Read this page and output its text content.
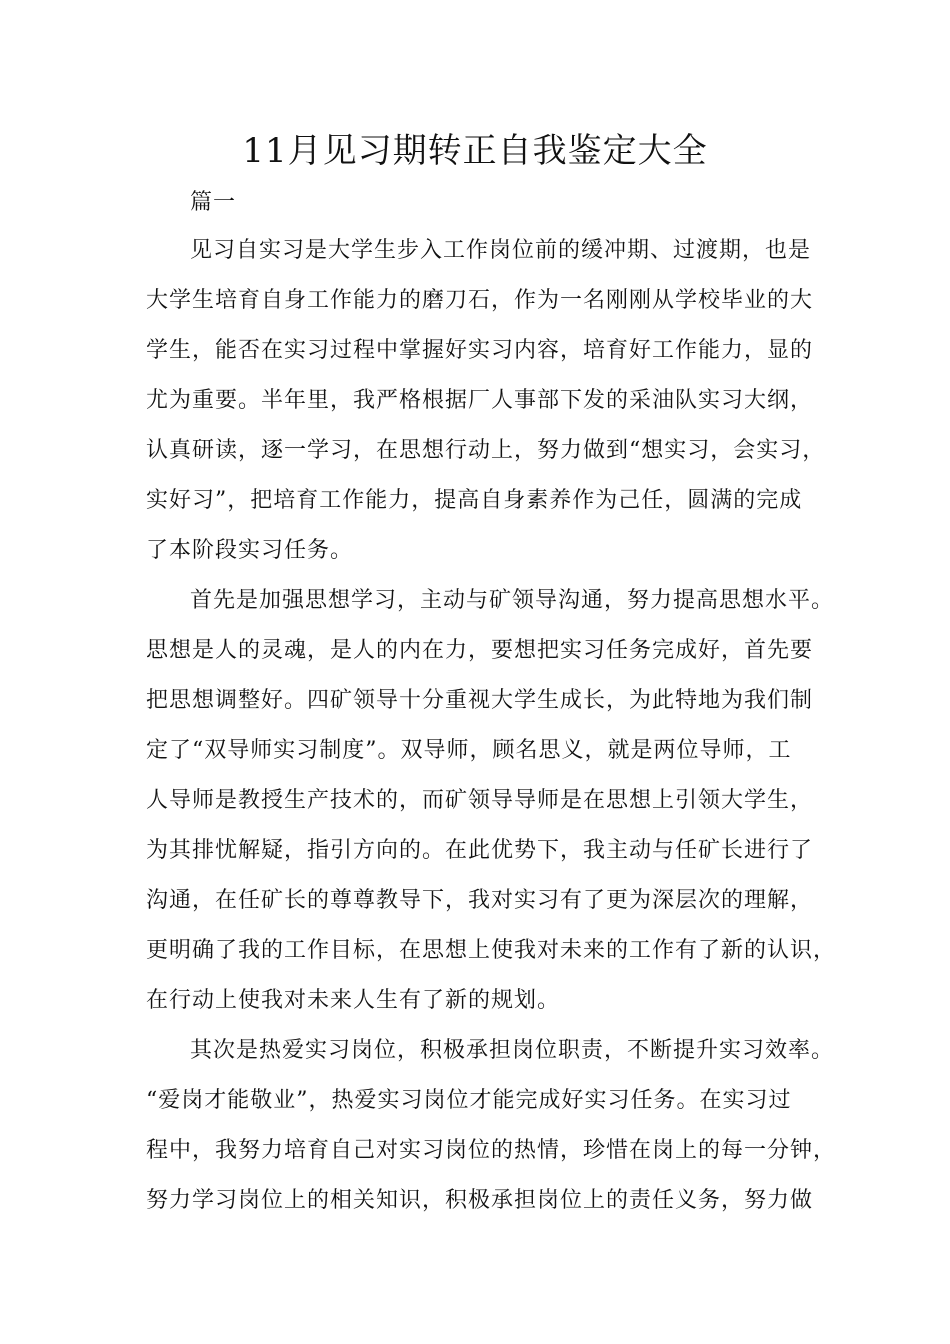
11月见习期转正自我鉴定大全
篇一
见习自实习是大学生步入工作岗位前的缓冲期、过渡期，也是
大学生培育自身工作能力的磨刀石，作为一名刚刚从学校毕业的大
学生，能否在实习过程中掌握好实习内容，培育好工作能力，显的
尤为重要。半年里，我严格根据厂人事部下发的采油队实习大纲，
认真研读，逐一学习，在思想行动上，努力做到“想实习，会实习，
实好习”，把培育工作能力，提高自身素养作为己任，圆满的完成
了本阶段实习任务。
首先是加强思想学习，主动与矿领导沟通，努力提高思想水平。
思想是人的灵魂，是人的内在力，要想把实习任务完成好，首先要
把思想调整好。四矿领导十分重视大学生成长，为此特地为我们制
定了“双导师实习制度”。双导师，顾名思义，就是两位导师，工
人导师是教授生产技术的，而矿领导导师是在思想上引领大学生，
为其排忧解疑，指引方向的。在此优势下，我主动与任矿长进行了
沟通，在任矿长的尊尊教导下，我对实习有了更为深层次的理解，
更明确了我的工作目标，在思想上使我对未来的工作有了新的认识，
在行动上使我对未来人生有了新的规划。
其次是热爱实习岗位，积极承担岗位职责，不断提升实习效率。
“爱岗才能敬业”，热爱实习岗位才能完成好实习任务。在实习过
程中，我努力培育自己对实习岗位的热情，珍惜在岗上的每一分钟，
努力学习岗位上的相关知识，积极承担岗位上的责任义务，努力做
